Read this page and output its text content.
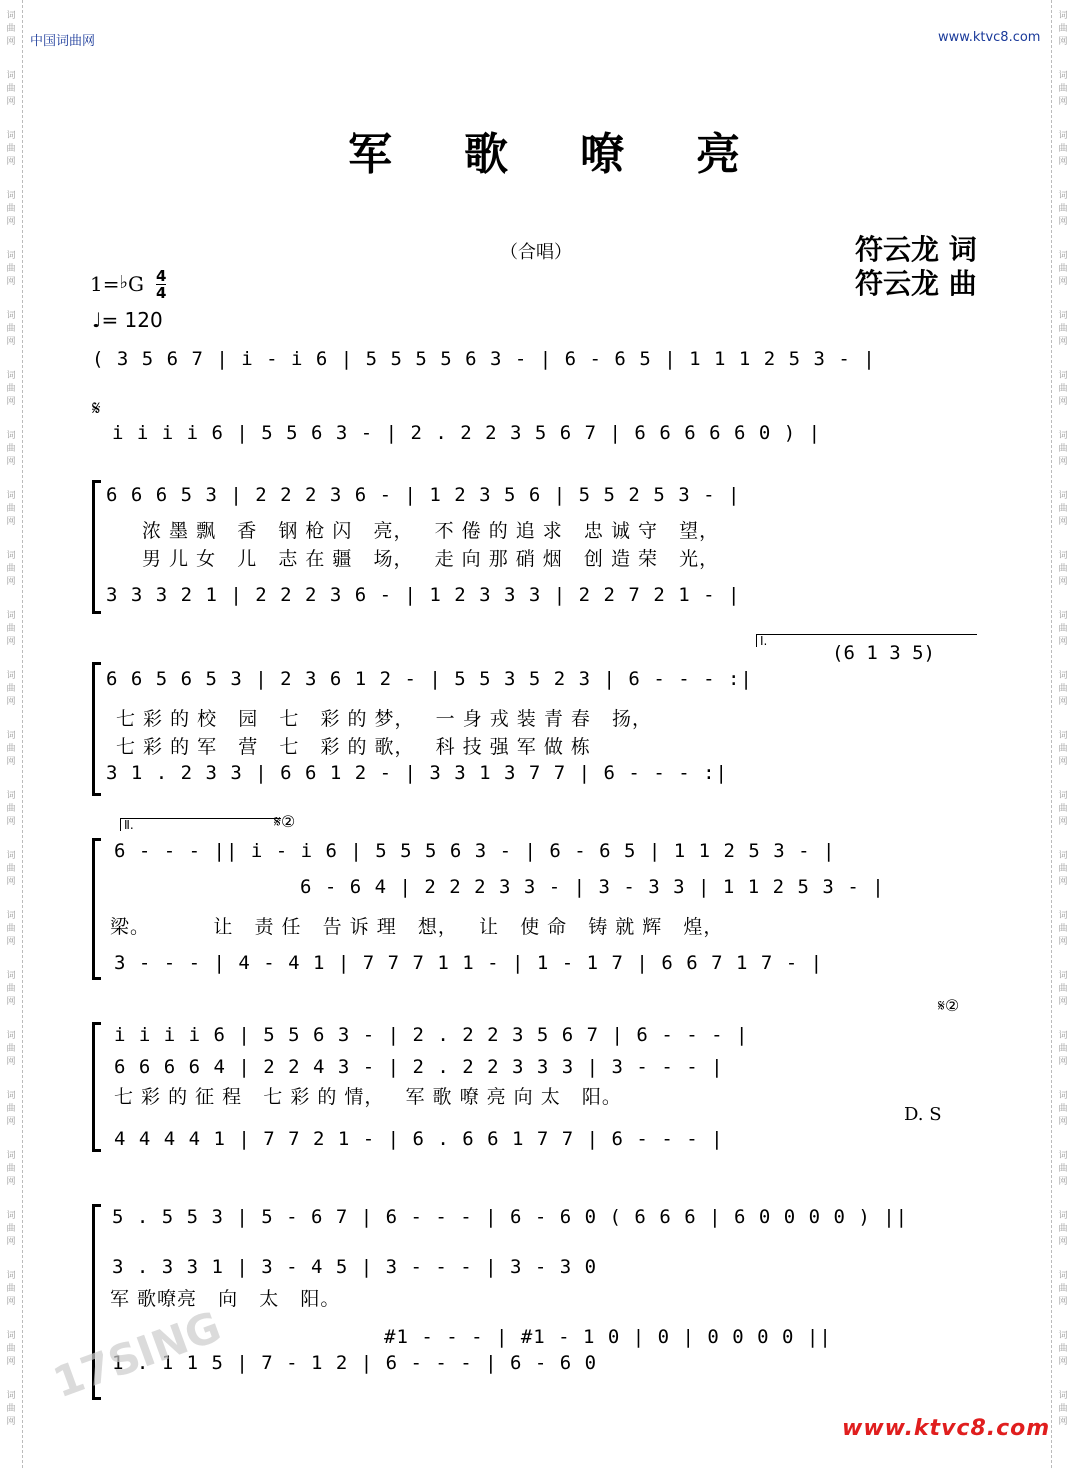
词
曲
网
词
曲
网
词
曲
网
词
曲
网
词
曲
网
词
曲
网
词
曲
网
词
曲
网
词
曲
网
词
曲
网
词
曲
网
词
曲
网
词
曲
网
词
曲
网
词
曲
网
词
曲
网
词
曲
网
词
曲
网
词
曲
网
词
曲
网
词
曲
网
词
曲
网
词
曲
网
词
曲
网
词
曲
网
词
曲
网
词
曲
网
词
曲
网
词
曲
网
词
曲
网
词
曲
网
词
曲
网
词
曲
网
词
曲
网
词
曲
网
词
曲
网
词
曲
网
词
曲
网
词
曲
网
词
曲
网
词
曲
网
词
曲
网
词
曲
网
词
曲
网
词
曲
网
词
曲
网
词
曲
网
词
曲
网
中国词曲网	www.ktvc8.com
军歌嘹亮
（合唱）	符云龙 词
符云龙 曲
1=♭G 4
4
♩= 120
( 3 5 6 7 | i - i 6 | 5 5 5 5 6 3 - | 6 - 6 5 | 1 1 1 2 5 3 - |
𝄋
i i i i 6 | 5 5 6 3 - | 2 . 2 2 3 5 6 7 | 6 6 6 6 6 0 ) |
6 6 6 5 3 | 2 2 2 3 6 - | 1 2 3 5 6 | 5 5 2 5 3 - |
浓 墨 飘   香   钢 枪 闪   亮，   不 倦 的 追 求   忠 诚 守   望，
男 儿 女   儿   志 在 疆   场，   走 向 那 硝 烟   创 造 荣   光，
3 3 3 2 1 | 2 2 2 3 6 - | 1 2 3 3 3 | 2 2 7 2 1 - |
Ⅰ.
(6 1 3 5)
6 6 5 6 5 3 | 2 3 6 1 2 - | 5 5 3 5 2 3 | 6 - - - :|
七 彩 的 校   园   七   彩 的 梦，   一 身 戎 装 青 春   扬，
七 彩 的 军   营   七   彩 的 歌，   科 技 强 军 做 栋
3 1 . 2 3 3 | 6 6 1 2 - | 3 3 1 3 7 7 | 6 - - - :|
Ⅱ.	𝄋②
6 - - - || i - i 6 | 5 5 5 6 3 - | 6 - 6 5 | 1 1 2 5 3 - |
6 - 6 4 | 2 2 2 3 3 - | 3 - 3 3 | 1 1 2 5 3 - |
梁。         让   责 任   告 诉 理   想，   让   使 命   铸 就 辉   煌，
3 - - - | 4 - 4 1 | 7 7 7 1 1 - | 1 - 1 7 | 6 6 7 1 7 - |
𝄋②
i i i i 6 | 5 5 6 3 - | 2 . 2 2 3 5 6 7 | 6 - - - |
6 6 6 6 4 | 2 2 4 3 - | 2 . 2 2 3 3 3 | 3 - - - |
七 彩 的 征 程   七 彩 的 情，   军 歌 嘹 亮 向 太   阳。
D. S
4 4 4 4 1 | 7 7 2 1 - | 6 . 6 6 1 7 7 | 6 - - - |
5 . 5 5 3 | 5 - 6 7 | 6 - - - | 6 - 6 0 ( 6 6 6 | 6 0 0 0 0 ) ||
3 . 3 3 1 | 3 - 4 5 | 3 - - - | 3 - 3 0
军 歌嘹亮   向   太   阳。
#1 - - - | #1 - 1 0 | 0 | 0 0 0 0 ||
1 . 1 1 5 | 7 - 1 2 | 6 - - - | 6 - 6 0
17SING
www.ktvc8.com
